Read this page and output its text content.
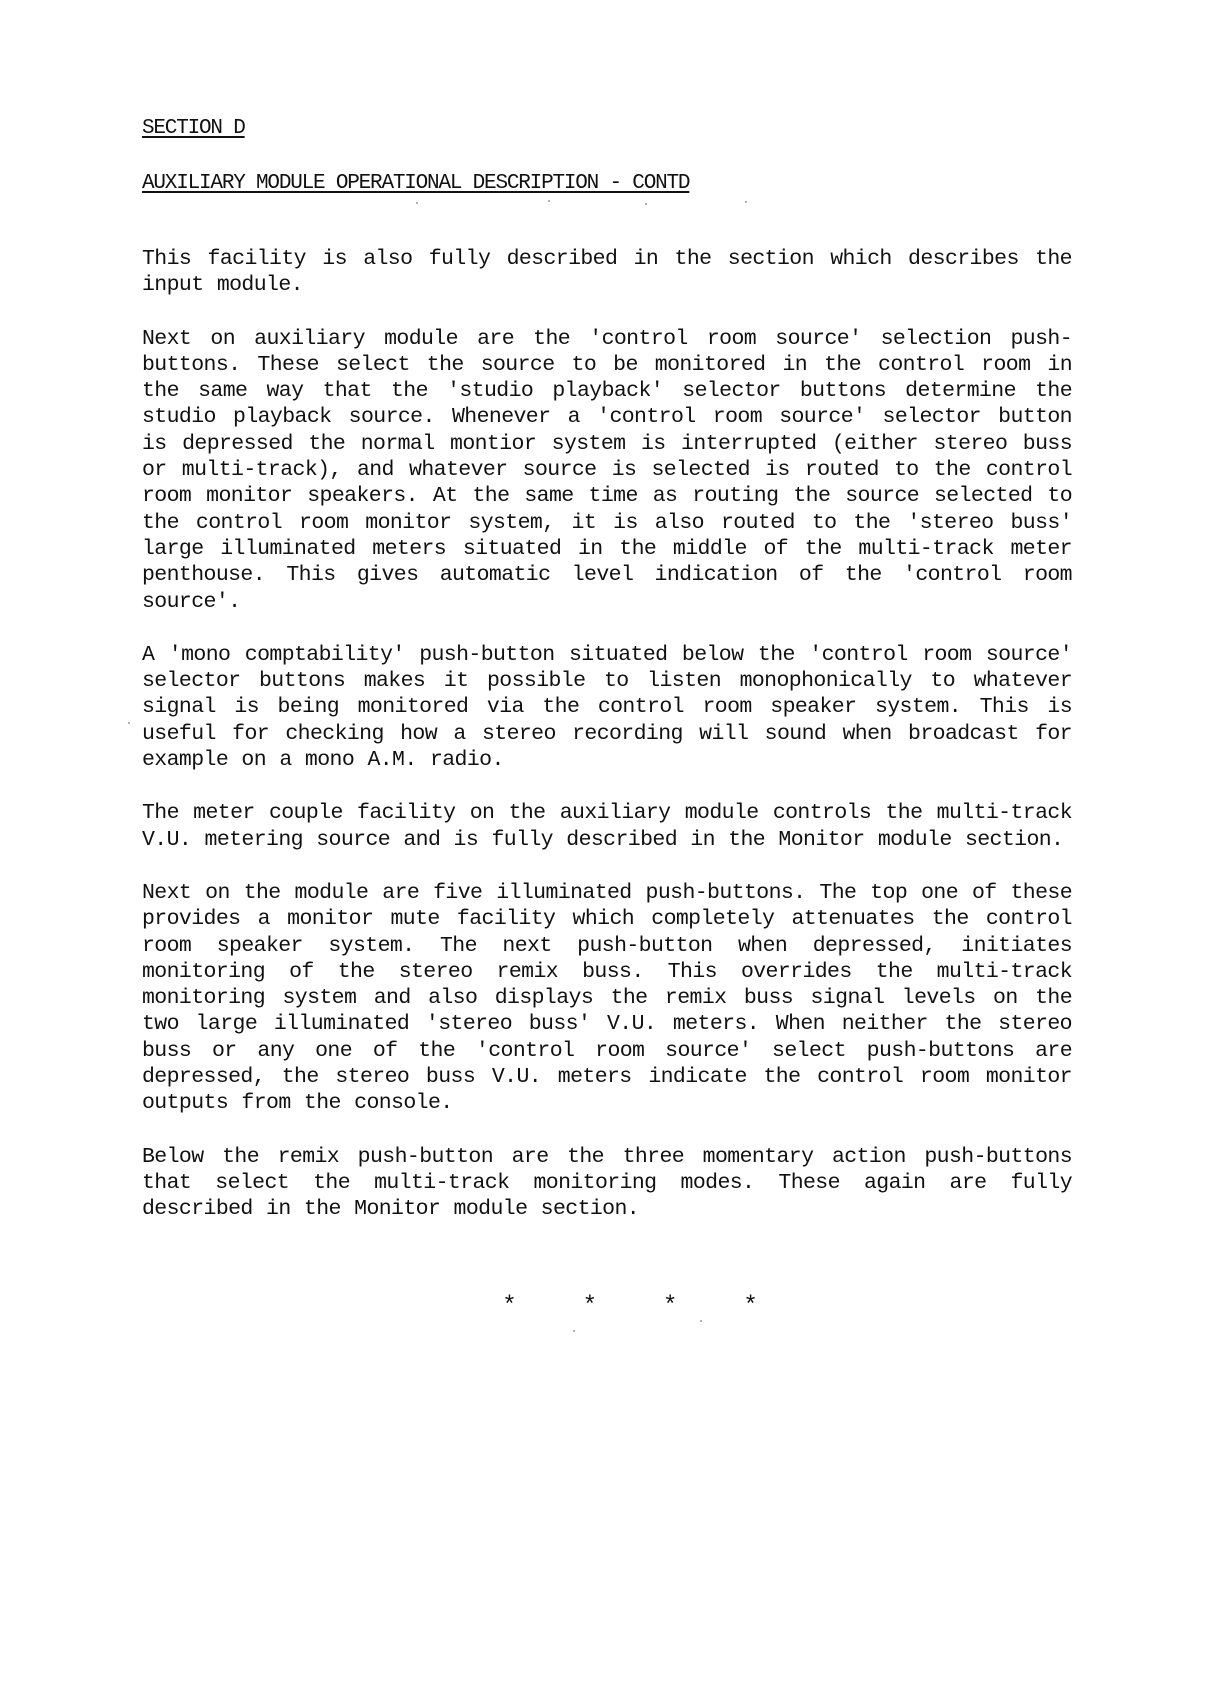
SECTION D
AUXILIARY MODULE OPERATIONAL DESCRIPTION - CONTD

This facility is also fully described in the section which describes the input module.

Next on auxiliary module are the 'control room source' selection push-buttons. These select the source to be monitored in the control room in the same way that the 'studio playback' selector buttons determine the studio playback source. Whenever a 'control room source' selector button is depressed the normal montior system is interrupted (either stereo buss or multi-track), and whatever source is selected is routed to the control room monitor speakers. At the same time as routing the source selected to the control room monitor system, it is also routed to the 'stereo buss' large illuminated meters situated in the middle of the multi-track meter penthouse. This gives automatic level indication of the 'control room source'.

A 'mono comptability' push-button situated below the 'control room source' selector buttons makes it possible to listen monophonically to whatever signal is being monitored via the control room speaker system. This is useful for checking how a stereo recording will sound when broadcast for example on a mono A.M. radio.

The meter couple facility on the auxiliary module controls the multi-track V.U. metering source and is fully described in the Monitor module section.

Next on the module are five illuminated push-buttons. The top one of these provides a monitor mute facility which completely attenuates the control room speaker system. The next push-button when depressed, initiates monitoring of the stereo remix buss. This overrides the multi-track monitoring system and also displays the remix buss signal levels on the two large illuminated 'stereo buss' V.U. meters. When neither the stereo buss or any one of the 'control room source' select push-buttons are depressed, the stereo buss V.U. meters indicate the control room monitor outputs from the console.

Below the remix push-button are the three momentary action push-buttons that select the multi-track monitoring modes. These again are fully described in the Monitor module section.

*	*	*	*
